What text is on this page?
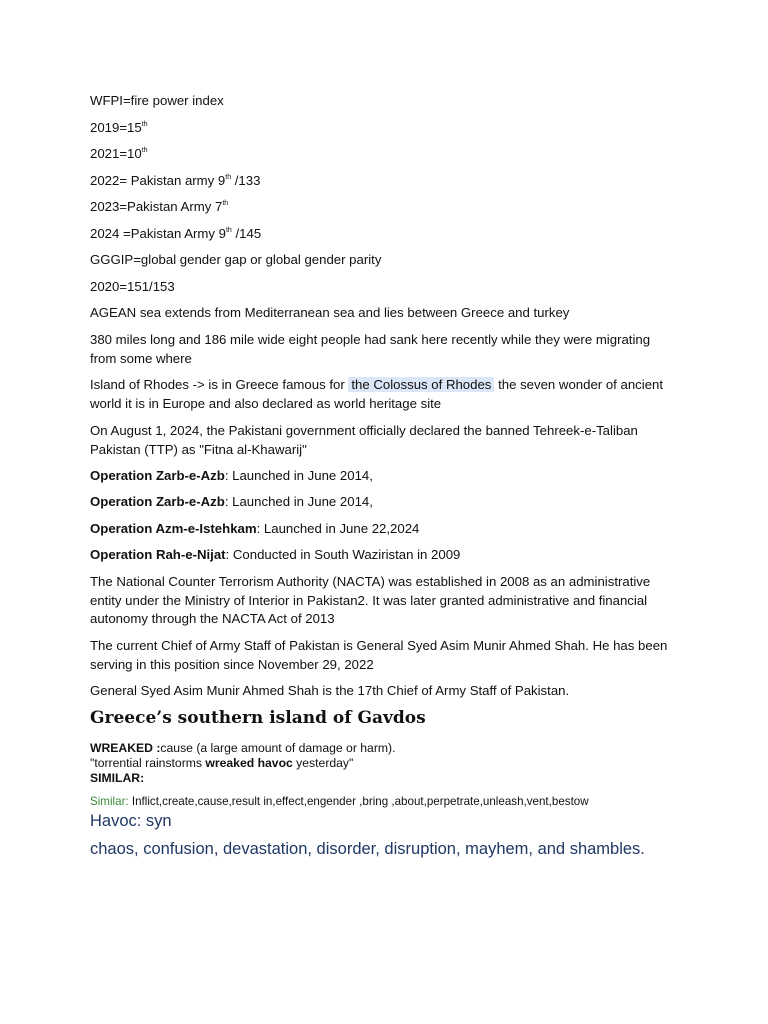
WFPI=fire power index

2019=15th

2021=10th

2022= Pakistan army 9th /133

2023=Pakistan Army 7th

2024 =Pakistan Army 9th /145

GGGIP=global gender gap or global gender parity

2020=151/153

AGEAN sea extends from Mediterranean sea and lies between Greece and turkey

380 miles long and 186 mile wide eight people had sank here recently while they were migrating from some where

Island of Rhodes -> is in Greece famous for the Colossus of Rhodes the seven wonder of ancient world it is in Europe and also declared as world heritage site

On August 1, 2024, the Pakistani government officially declared the banned Tehreek-e-Taliban Pakistan (TTP) as "Fitna al-Khawarij"

Operation Zarb-e-Azb: Launched in June 2014,

Operation Zarb-e-Azb: Launched in June 2014,

Operation Azm-e-Istehkam: Launched in June 22,2024

Operation Rah-e-Nijat: Conducted in South Waziristan in 2009

The National Counter Terrorism Authority (NACTA) was established in 2008 as an administrative entity under the Ministry of Interior in Pakistan2. It was later granted administrative and financial autonomy through the NACTA Act of 2013

The current Chief of Army Staff of Pakistan is General Syed Asim Munir Ahmed Shah. He has been serving in this position since November 29, 2022

General Syed Asim Munir Ahmed Shah is the 17th Chief of Army Staff of Pakistan.

Greece’s southern island of Gavdos

WREAKED :cause (a large amount of damage or harm).

"torrential rainstorms wreaked havoc yesterday"

SIMILAR:

Similar: Inflict,create,cause,result in,effect,engender ,bring ,about,perpetrate,unleash,vent,bestow

Havoc: syn

chaos, confusion, devastation, disorder, disruption, mayhem, and shambles.
